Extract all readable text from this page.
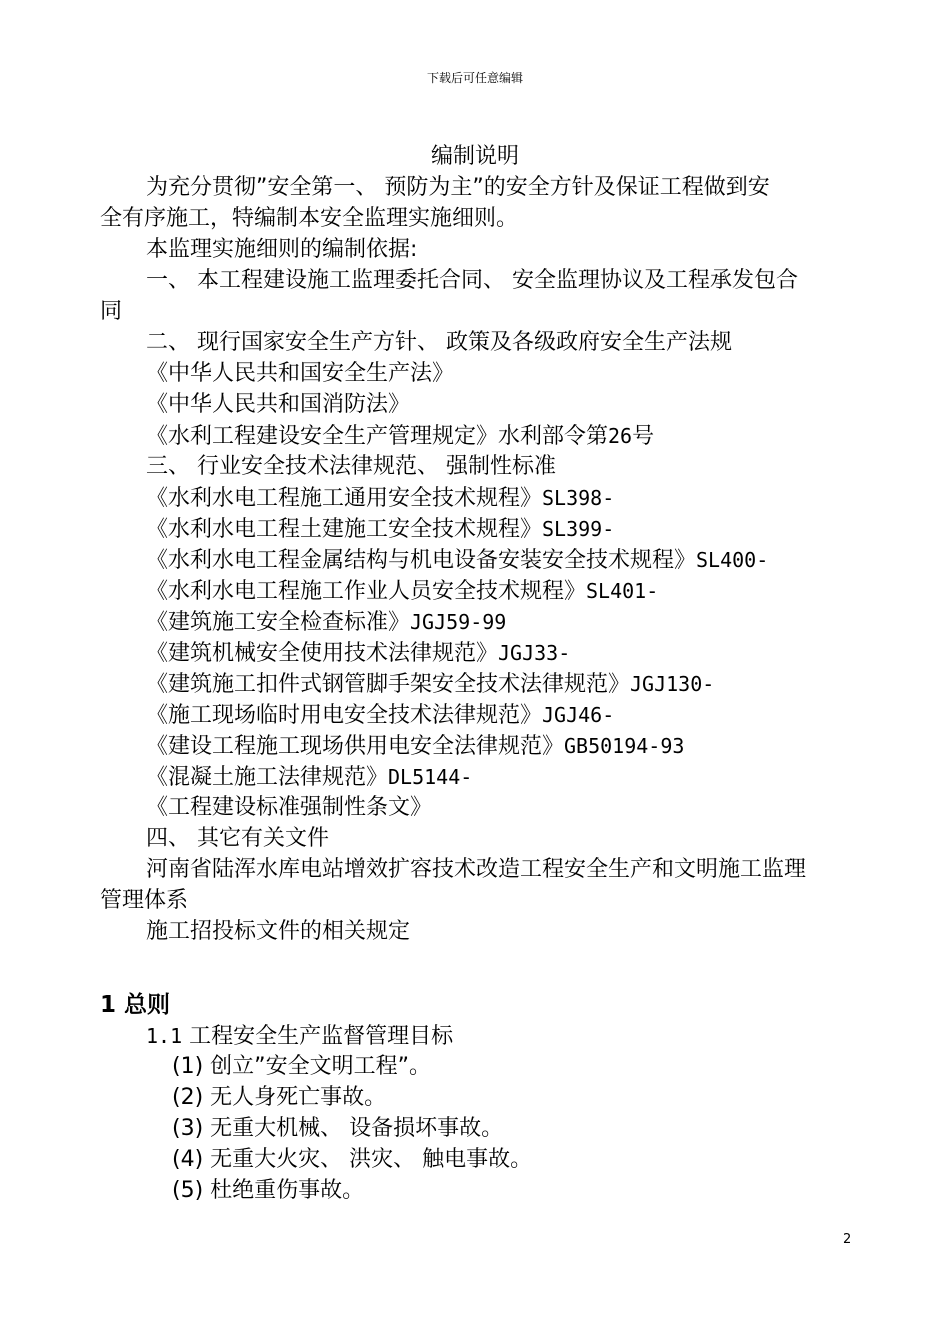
下载后可任意编辑
编制说明
为充分贯彻”安全第一、 预防为主”的安全方针及保证工程做到安
全有序施工，特编制本安全监理实施细则。
本监理实施细则的编制依据:
一、 本工程建设施工监理委托合同、 安全监理协议及工程承发包合
同
二、 现行国家安全生产方针、 政策及各级政府安全生产法规
《中华人民共和国安全生产法》
《中华人民共和国消防法》
《水利工程建设安全生产管理规定》水利部令第26号
三、 行业安全技术法律规范、 强制性标准
《水利水电工程施工通用安全技术规程》SL398-
《水利水电工程土建施工安全技术规程》SL399-
《水利水电工程金属结构与机电设备安装安全技术规程》SL400-
《水利水电工程施工作业人员安全技术规程》SL401-
《建筑施工安全检查标准》JGJ59-99
《建筑机械安全使用技术法律规范》JGJ33-
《建筑施工扣件式钢管脚手架安全技术法律规范》JGJ130-
《施工现场临时用电安全技术法律规范》JGJ46-
《建设工程施工现场供用电安全法律规范》GB50194-93
《混凝土施工法律规范》DL5144-
《工程建设标准强制性条文》
四、 其它有关文件
河南省陆浑水库电站增效扩容技术改造工程安全生产和文明施工监理
管理体系
施工招投标文件的相关规定
1 总则
1.1 工程安全生产监督管理目标
(1) 创立”安全文明工程”。
(2) 无人身死亡事故。
(3) 无重大机械、 设备损坏事故。
(4) 无重大火灾、 洪灾、 触电事故。
(5) 杜绝重伤事故。
2
